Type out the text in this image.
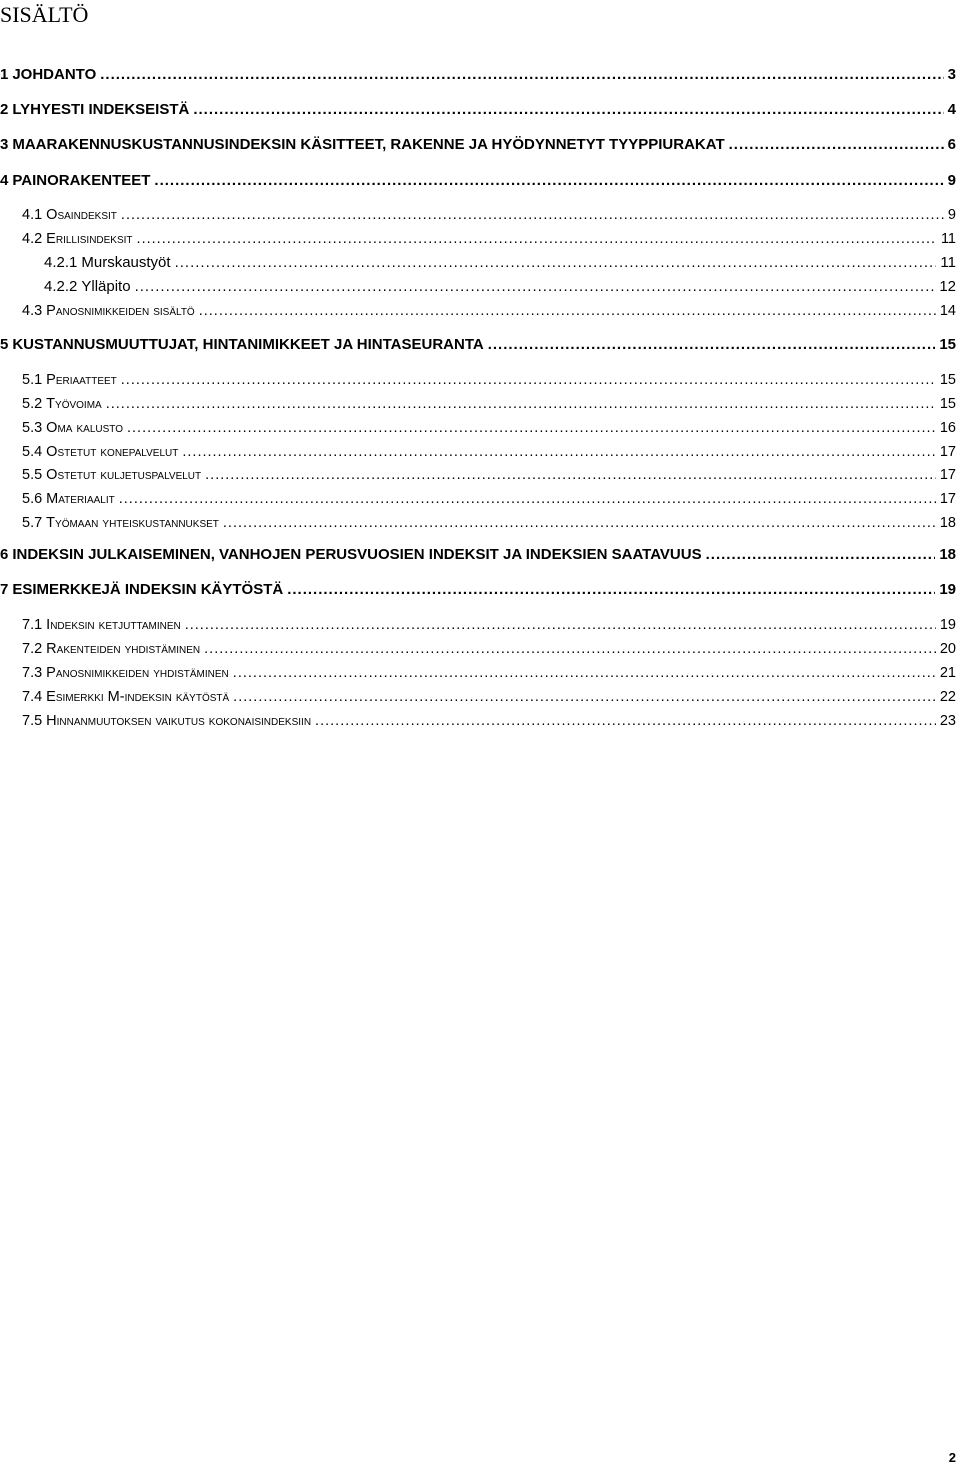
SISÄLTÖ
1 JOHDANTO .....	3
2 LYHYESTI INDEKSEISTÄ .....	4
3 MAARAKENNUSKUSTANNUSINDEKSIN KÄSITTEET, RAKENNE JA HYÖDYNNETYT TYYPPIURAKAT .....	6
4 PAINORAKENTEET .....	9
4.1 Osaindeksit .....	9
4.2 Erillisindeksit .....	11
4.2.1 Murskaustyöt .....	11
4.2.2 Ylläpito .....	12
4.3 Panosnimikkeiden sisältö .....	14
5 KUSTANNUSMUUTTUJAT, HINTANIMIKKEET JA HINTASEURANTA .....	15
5.1 Periaatteet .....	15
5.2 Työvoima .....	15
5.3 Oma kalusto .....	16
5.4 Ostetut konepalvelut .....	17
5.5 Ostetut kuljetuspalvelut .....	17
5.6 Materiaalit .....	17
5.7 Työmaan yhteiskustannukset .....	18
6 INDEKSIN JULKAISEMINEN, VANHOJEN PERUSVUOSIEN INDEKSIT JA INDEKSIEN SAATAVUUS .....	18
7 ESIMERKKEJÄ INDEKSIN KÄYTÖSTÄ .....	19
7.1 Indeksin ketjuttaminen .....	19
7.2 Rakenteiden yhdistäminen .....	20
7.3 Panosnimikkeiden yhdistäminen .....	21
7.4 Esimerkki M-indeksin käytöstä .....	22
7.5 Hinnanmuutoksen vaikutus kokonaisindeksiin .....	23
2
